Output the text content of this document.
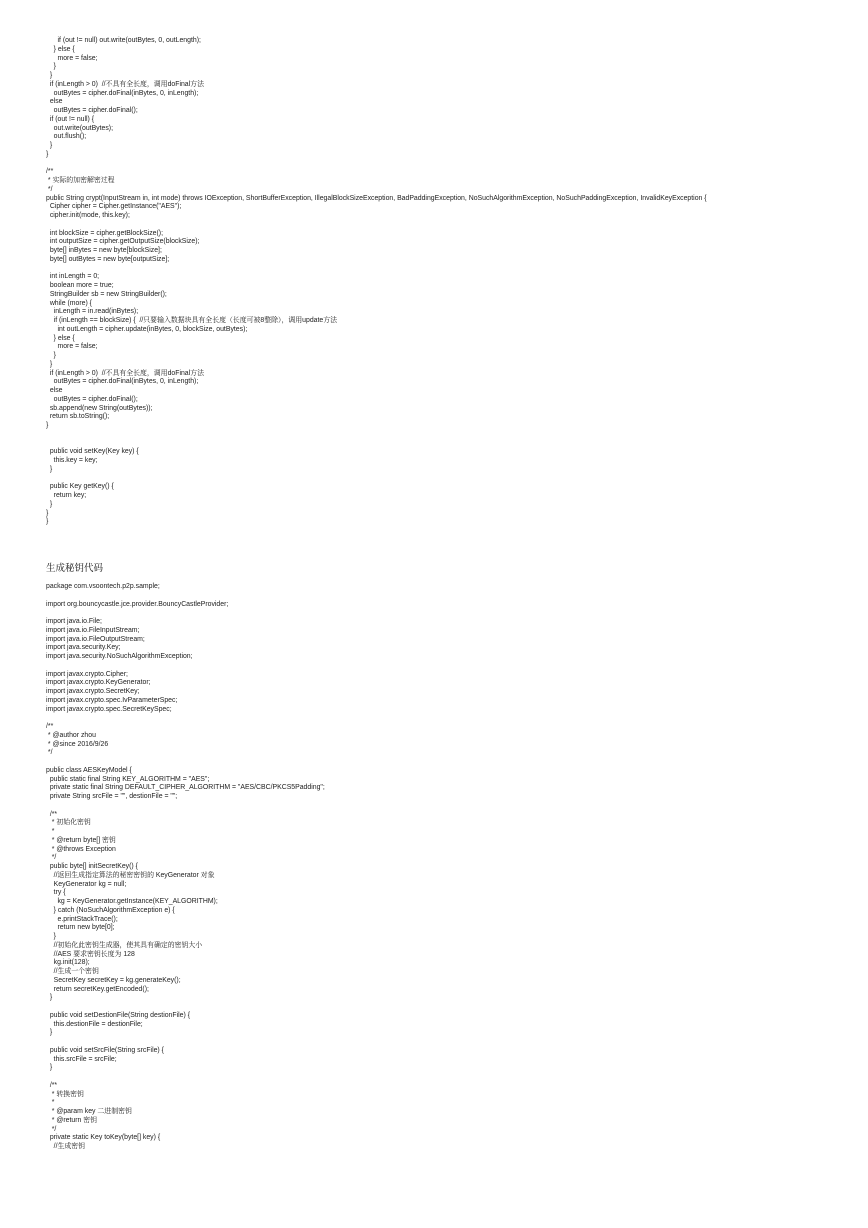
if (out != null) out.write(outBytes, 0, outLength);
} else {
more = false;
}
}
if (inLength > 0)  //不具有全长度，调用doFinal方法
outBytes = cipher.doFinal(inBytes, 0, inLength);
else
outBytes = cipher.doFinal();
if (out != null) {
out.write(outBytes);
out.flush();
}
}

/**
* 实际的加密解密过程
*/
public String crypt(InputStream in, int mode) throws IOException, ShortBufferException, IllegalBlockSizeException, BadPaddingException, NoSuchAlgorithmException, NoSuchPaddingException, InvalidKeyException {
Cipher cipher = Cipher.getInstance("AES");
cipher.init(mode, this.key);

int blockSize = cipher.getBlockSize();
int outputSize = cipher.getOutputSize(blockSize);
byte[] inBytes = new byte[blockSize];
byte[] outBytes = new byte[outputSize];

int inLength = 0;
boolean more = true;
StringBuilder sb = new StringBuilder();
while (more) {
inLength = in.read(inBytes);
if (inLength == blockSize) {  //只要输入数据块具有全长度（长度可被8整除），调用update方法
int outLength = cipher.update(inBytes, 0, blockSize, outBytes);
} else {
more = false;
}
}
if (inLength > 0)  //不具有全长度，调用doFinal方法
outBytes = cipher.doFinal(inBytes, 0, inLength);
else
outBytes = cipher.doFinal();
sb.append(new String(outBytes));
return sb.toString();
}

public void setKey(Key key) {
this.key = key;
}

public Key getKey() {
return key;
}
}
}
生成秘钥代码
package com.vsoontech.p2p.sample;

import org.bouncycastle.jce.provider.BouncyCastleProvider;

import java.io.File;
import java.io.FileInputStream;
import java.io.FileOutputStream;
import java.security.Key;
import java.security.NoSuchAlgorithmException;

import javax.crypto.Cipher;
import javax.crypto.KeyGenerator;
import javax.crypto.SecretKey;
import javax.crypto.spec.IvParameterSpec;
import javax.crypto.spec.SecretKeySpec;

/**
* @author zhou
* @since 2016/9/26
*/

public class AESKeyModel {
public static final String KEY_ALGORITHM = "AES";
private static final String DEFAULT_CIPHER_ALGORITHM = "AES/CBC/PKCS5Padding";
private String srcFile = "", destionFile = "";

/**
* 初始化密钥
*
* @return byte[] 密钥
* @throws Exception
*/
public byte[] initSecretKey() {
//返回生成指定算法的秘密密钥的 KeyGenerator 对象
KeyGenerator kg = null;
try {
kg = KeyGenerator.getInstance(KEY_ALGORITHM);
} catch (NoSuchAlgorithmException e) {
e.printStackTrace();
return new byte[0];
}
//初始化此密钥生成器，使其具有确定的密钥大小
//AES 要求密钥长度为 128
kg.init(128);
//生成一个密钥
SecretKey secretKey = kg.generateKey();
return secretKey.getEncoded();
}

public void setDestionFile(String destionFile) {
this.destionFile = destionFile;
}

public void setSrcFile(String srcFile) {
this.srcFile = srcFile;
}

/**
* 转换密钥
*
* @param key 二进制密钥
* @return 密钥
*/
private static Key toKey(byte[] key) {
//生成密钥
